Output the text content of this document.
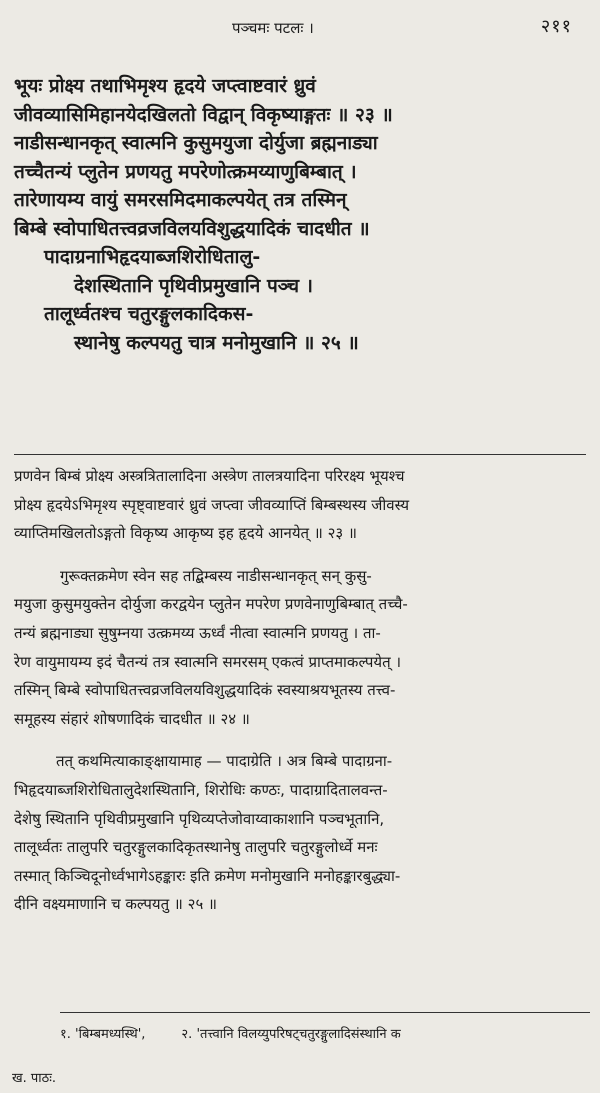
पञ्चमः पटलः ।	२११
भूयः प्रोक्ष्य तथाभिमृश्य हृदये जप्त्वाष्टवारं ध्रुवं
जीवव्यासिमिहानयेदखिलतो विद्वान् विकृष्याङ्गतः ॥ २३ ॥
नाडीसन्धानकृत् स्वात्मनि कुसुमयुजा दोर्युजा ब्रह्मनाड्या
तच्चैतन्यं प्लुतेन प्रणयतु मपरेणोत्क्रमय्याणुबिम्बात् ।
तारेणायम्य वायुं समरसमिदमाकल्पयेत् तत्र तस्मिन्
बिम्बे स्वोपाधितत्त्वव्रजविलयविशुद्धयादिकं चादधीत ॥
पादाग्रनाभिहृदयाब्जशिरोधितालु-
देशस्थितानि पृथिवीप्रमुखानि पञ्च ।
तालूर्ध्वतश्च चतुरङ्गुलकादिकस-
स्थानेषु कल्पयतु चात्र मनोमुखानि ॥ २५ ॥
प्रणवेन बिम्बं प्रोक्ष्य अस्त्रत्रितालादिना अस्त्रेण तालत्रयादिना परिरक्ष्य भूयश्च
प्रोक्ष्य हृदयेऽभिमृश्य स्पृष्ट्वाष्टवारं ध्रुवं जप्त्वा जीवव्याप्तिं बिम्बस्थस्य जीवस्य
व्याप्तिमखिलतोऽङ्गतो विकृष्य आकृष्य इह हृदये आनयेत् ॥ २३ ॥
गुरूक्तक्रमेण स्वेन सह तद्बिम्बस्य नाडीसन्धानकृत् सन् कुसु-
मयुजा कुसुमयुक्तेन दोर्युजा करद्वयेन प्लुतेन मपरेण प्रणवेनाणुबिम्बात् तच्चै-
तन्यं ब्रह्मनाड्या सुषुम्नया उत्क्रमय्य ऊर्ध्वं नीत्वा स्वात्मनि प्रणयतु । ता-
रेण वायुमायम्य इदं चैतन्यं तत्र स्वात्मनि समरसम् एकत्वं प्राप्तमाकल्पयेत् ।
तस्मिन् बिम्बे स्वोपाधितत्त्वव्रजविलयविशुद्धयादिकं स्वस्याश्रयभूतस्य तत्त्व-
समूहस्य संहारं शोषणादिकं चादधीत ॥ २४ ॥
तत् कथमित्याकाङ्क्षायामाह — पादाग्रेति । अत्र बिम्बे पादाग्रना-
भिहृदयाब्जशिरोधितालुदेशस्थितानि, शिरोधिः कण्ठः, पादाग्रादितालवन्त-
देशेषु स्थितानि पृथिवीप्रमुखानि पृथिव्यप्तेजोवाय्वाकाशानि पञ्चभूतानि,
तालूर्ध्वतः तालुपरि चतुरङ्गुलकादिकृतस्थानेषु तालुपरि चतुरङ्गुलोर्ध्वे मनः
तस्मात् किञ्चिदूनोर्ध्वभागेऽहङ्कारः इति क्रमेण मनोमुखानि मनोहङ्कारबुद्ध्या-
दीनि वक्ष्यमाणानि च कल्पयतु ॥ २५ ॥
१. 'बिम्बमध्यस्थि',	२. 'तत्त्वानि विलय्युपरिषट्चतुरङ्गुलादिसंस्थानि क
ख. पाठः.
